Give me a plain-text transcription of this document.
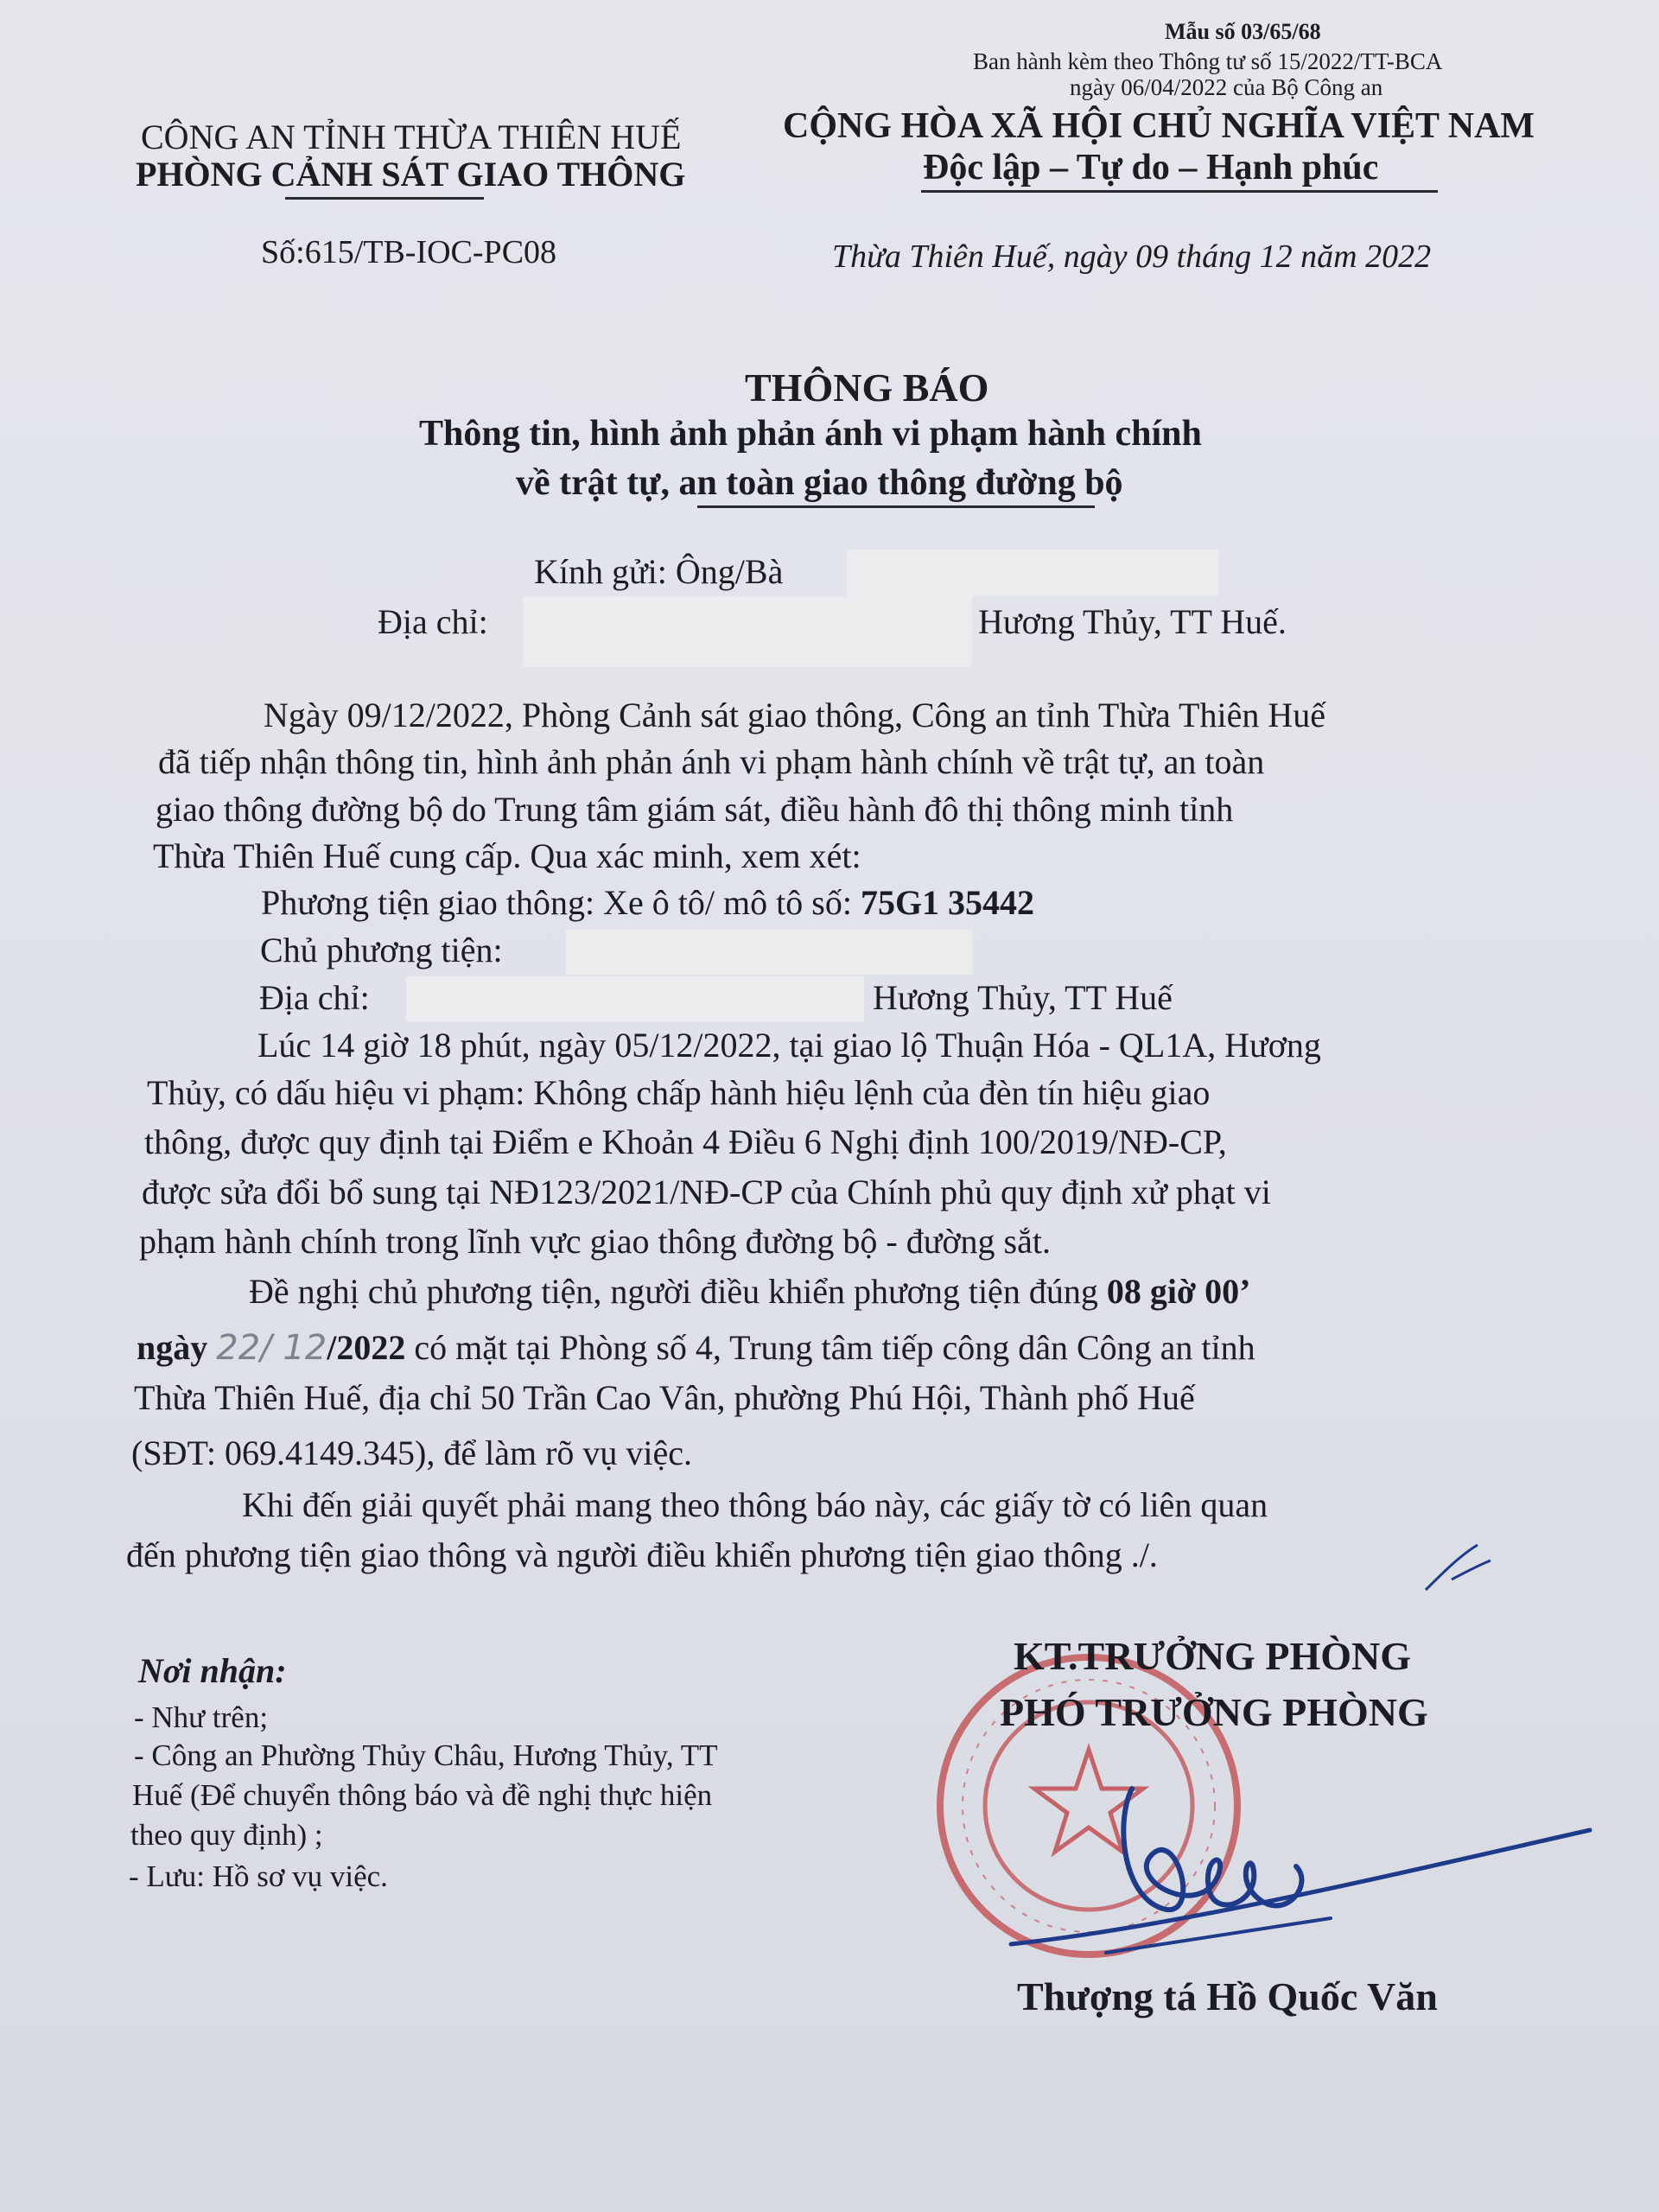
Mẫu số 03/65/68
Ban hành kèm theo Thông tư số 15/2022/TT-BCA
ngày 06/04/2022 của Bộ Công an
CÔNG AN TỈNH THỪA THIÊN HUẾ
PHÒNG CẢNH SÁT GIAO THÔNG
CỘNG HÒA XÃ HỘI CHỦ NGHĨA VIỆT NAM
Độc lập – Tự do – Hạnh phúc
Số:615/TB-IOC-PC08	Thừa Thiên Huế, ngày 09 tháng 12 năm 2022
THÔNG BÁO
Thông tin, hình ảnh phản ánh vi phạm hành chính
về trật tự, an toàn giao thông đường bộ
Kính gửi: Ông/Bà
Địa chỉ:	Hương Thủy, TT Huế.
Ngày 09/12/2022, Phòng Cảnh sát giao thông, Công an tỉnh Thừa Thiên Huế
đã tiếp nhận thông tin, hình ảnh phản ánh vi phạm hành chính về trật tự, an toàn
giao thông đường bộ do Trung tâm giám sát, điều hành đô thị thông minh tỉnh
Thừa Thiên Huế cung cấp. Qua xác minh, xem xét:
Phương tiện giao thông: Xe ô tô/ mô tô số: 75G1 35442
Chủ phương tiện:
Địa chỉ:	Hương Thủy, TT Huế
Lúc 14 giờ 18 phút, ngày 05/12/2022, tại giao lộ Thuận Hóa - QL1A, Hương
Thủy, có dấu hiệu vi phạm: Không chấp hành hiệu lệnh của đèn tín hiệu giao
thông, được quy định tại Điểm e Khoản 4 Điều 6 Nghị định 100/2019/NĐ-CP,
được sửa đổi bổ sung tại NĐ123/2021/NĐ-CP của Chính phủ quy định xử phạt vi
phạm hành chính trong lĩnh vực giao thông đường bộ - đường sắt.
Đề nghị chủ phương tiện, người điều khiển phương tiện đúng 08 giờ 00’
ngày 22/ 12/2022 có mặt tại Phòng số 4, Trung tâm tiếp công dân Công an tỉnh
Thừa Thiên Huế, địa chỉ 50 Trần Cao Vân, phường Phú Hội, Thành phố Huế
(SĐT: 069.4149.345), để làm rõ vụ việc.
Khi đến giải quyết phải mang theo thông báo này, các giấy tờ có liên quan
đến phương tiện giao thông và người điều khiển phương tiện giao thông ./.
Nơi nhận:
- Như trên;
- Công an Phường Thủy Châu, Hương Thủy, TT
Huế (Để chuyển thông báo và đề nghị thực hiện
theo quy định) ;
- Lưu: Hồ sơ vụ việc.
KT.TRƯỞNG PHÒNG
PHÓ TRƯỞNG PHÒNG
Thượng tá Hồ Quốc Văn
